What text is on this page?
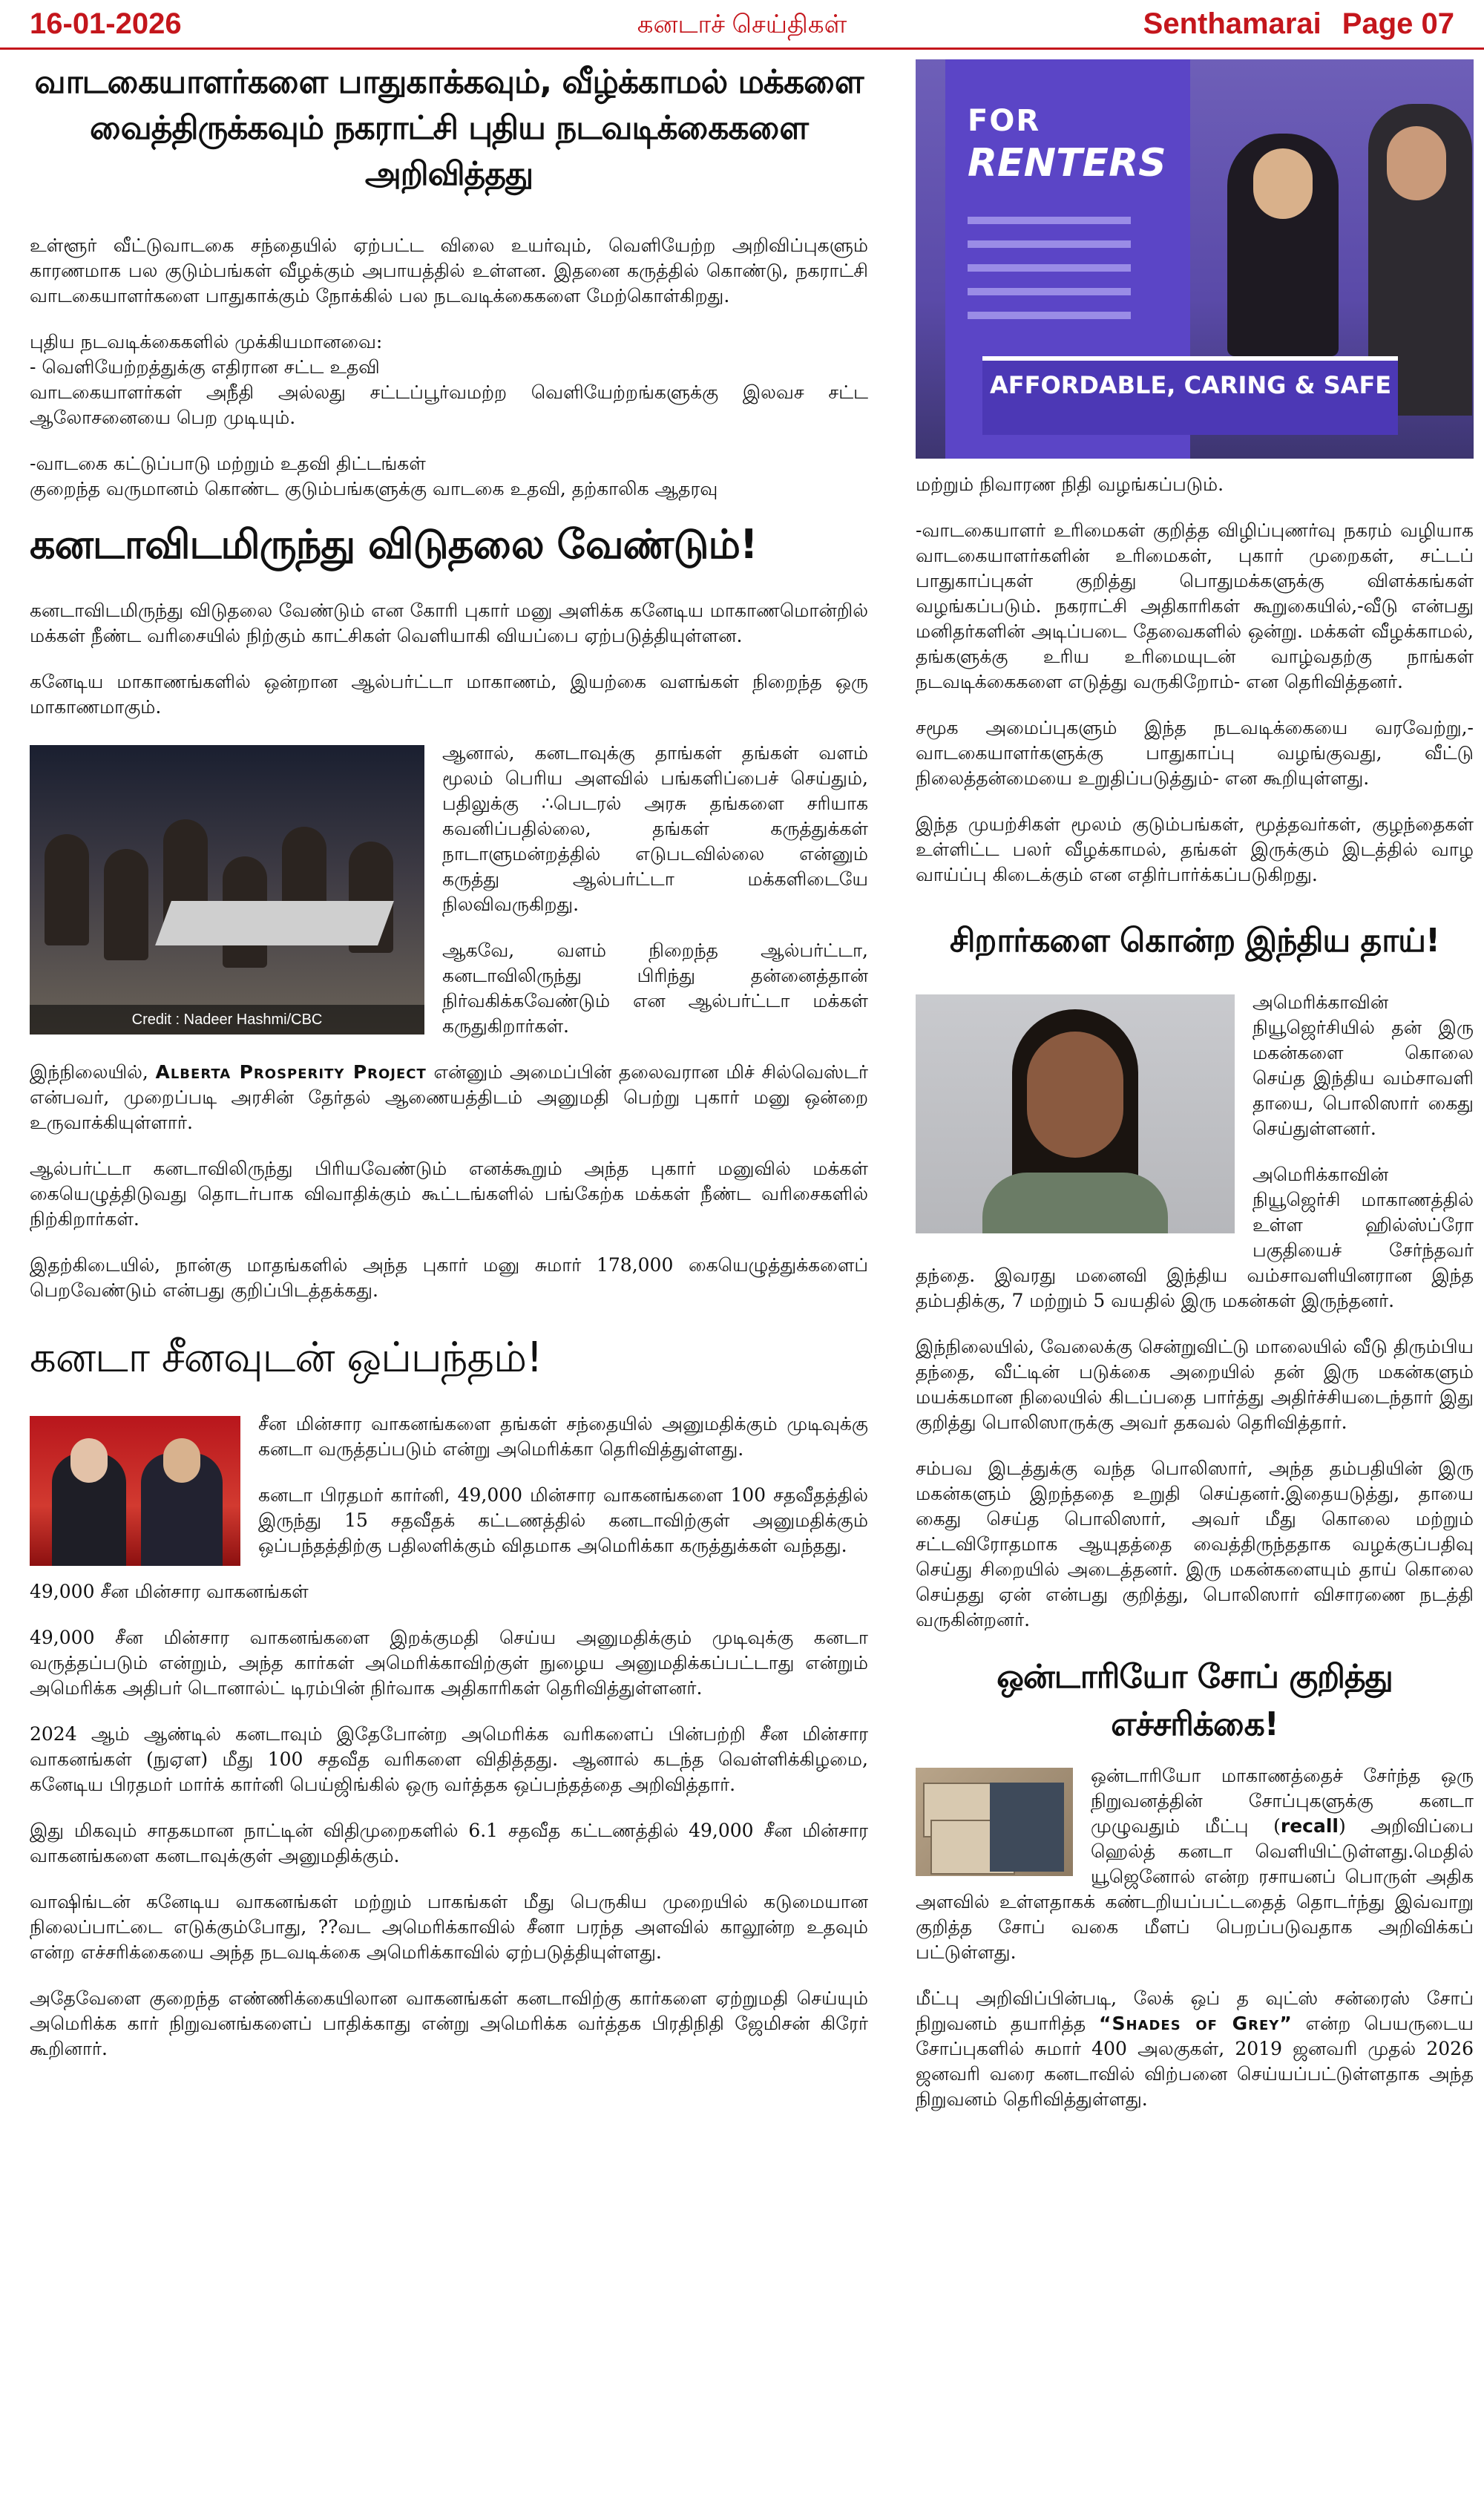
16-01-2026	கனடாச் செய்திகள்	Senthamarai Page 07
வாடகையாளர்களை பாதுகாக்கவும், வீழ்க்காமல் மக்களை வைத்திருக்கவும் நகராட்சி புதிய நடவடிக்கைகளை அறிவித்தது

உள்ளூர் வீட்டுவாடகை சந்தையில் ஏற்பட்ட விலை உயர்வும், வெளியேற்ற அறிவிப்புகளும் காரணமாக பல குடும்பங்கள் வீழக்கும் அபாயத்தில் உள்ளன. இதனை கருத்தில் கொண்டு, நகராட்சி வாடகையாளர்களை பாதுகாக்கும் நோக்கில் பல நடவடிக்கைகளை மேற்கொள்கிறது.

புதிய நடவடிக்கைகளில் முக்கியமானவை:

- வெளியேற்றத்துக்கு எதிரான சட்ட உதவி

வாடகையாளர்கள் அநீதி அல்லது சட்டப்பூர்வமற்ற வெளியேற்றங்களுக்கு இலவச சட்ட ஆலோசனையை பெற முடியும்.

-வாடகை கட்டுப்பாடு மற்றும் உதவி திட்டங்கள்

குறைந்த வருமானம் கொண்ட குடும்பங்களுக்கு வாடகை உதவி, தற்காலிக ஆதரவு

கனடாவிடமிருந்து விடுதலை வேண்டும்!

கனடாவிடமிருந்து விடுதலை வேண்டும் என கோரி புகார் மனு அளிக்க கனேடிய மாகாணமொன்றில் மக்கள் நீண்ட வரிசையில் நிற்கும் காட்சிகள் வெளியாகி வியப்பை ஏற்படுத்தியுள்ளன.

கனேடிய மாகாணங்களில் ஒன்றான ஆல்பர்ட்டா மாகாணம், இயற்கை வளங்கள் நிறைந்த ஒரு மாகாணமாகும்.

Credit : Nadeer Hashmi/CBC

ஆனால், கனடாவுக்கு தாங்கள் தங்கள் வளம் மூலம் பெரிய அளவில் பங்களிப்பைச் செய்தும், பதிலுக்கு ∴பெடரல் அரசு தங்களை சரியாக கவனிப்பதில்லை, தங்கள் கருத்துக்கள் நாடாளுமன்றத்தில் எடுபடவில்லை என்னும் கருத்து ஆல்பர்ட்டா மக்களிடையே நிலவிவருகிறது.

ஆகவே, வளம் நிறைந்த ஆல்பர்ட்டா, கனடாவிலிருந்து பிரிந்து தன்னைத்தான் நிர்வகிக்கவேண்டும் என ஆல்பர்ட்டா மக்கள் கருதுகிறார்கள்.

இந்நிலையில், Alberta Prosperity Project என்னும் அமைப்பின் தலைவரான மிச் சில்வெஸ்டர் என்பவர், முறைப்படி அரசின் தேர்தல் ஆணையத்திடம் அனுமதி பெற்று புகார் மனு ஒன்றை உருவாக்கியுள்ளார்.

ஆல்பர்ட்டா கனடாவிலிருந்து பிரியவேண்டும் எனக்கூறும் அந்த புகார் மனுவில் மக்கள் கையெழுத்திடுவது தொடர்பாக விவாதிக்கும் கூட்டங்களில் பங்கேற்க மக்கள் நீண்ட வரிசைகளில் நிற்கிறார்கள்.

இதற்கிடையில், நான்கு மாதங்களில் அந்த புகார் மனு சுமார் 178,000 கையெழுத்துக்களைப் பெறவேண்டும் என்பது குறிப்பிடத்தக்கது.

கனடா சீனவுடன் ஒப்பந்தம்!

சீன மின்சார வாகனங்களை தங்கள் சந்தையில் அனுமதிக்கும் முடிவுக்கு கனடா வருத்தப்படும் என்று அமெரிக்கா தெரிவித்துள்ளது.

கனடா பிரதமர் கார்னி, 49,000 மின்சார வாகனங்களை 100 சதவீதத்தில் இருந்து 15 சதவீதக் கட்டணத்தில் கனடாவிற்குள் அனுமதிக்கும் ஒப்பந்தத்திற்கு பதிலளிக்கும் விதமாக அமெரிக்கா கருத்துக்கள் வந்தது.

49,000 சீன மின்சார வாகனங்கள்

49,000 சீன மின்சார வாகனங்களை இறக்குமதி செய்ய அனுமதிக்கும் முடிவுக்கு கனடா வருத்தப்படும் என்றும், அந்த கார்கள் அமெரிக்காவிற்குள் நுழைய அனுமதிக்கப்பட்டாது என்றும் அமெரிக்க அதிபர் டொனால்ட் டிரம்பின் நிர்வாக அதிகாரிகள் தெரிவித்துள்ளனர்.

2024 ஆம் ஆண்டில் கனடாவும் இதேபோன்ற அமெரிக்க வரிகளைப் பின்பற்றி சீன மின்சார வாகனங்கள் (நுஏள) மீது 100 சதவீத வரிகளை விதித்தது. ஆனால் கடந்த வெள்ளிக்கிழமை, கனேடிய பிரதமர் மார்க் கார்னி பெய்ஜிங்கில் ஒரு வர்த்தக ஒப்பந்தத்தை அறிவித்தார்.

இது மிகவும் சாதகமான நாட்டின் விதிமுறைகளில் 6.1 சதவீத கட்டணத்தில் 49,000 சீன மின்சார வாகனங்களை கனடாவுக்குள் அனுமதிக்கும்.

வாஷிங்டன் கனேடிய வாகனங்கள் மற்றும் பாகங்கள் மீது பெருகிய முறையில் கடுமையான நிலைப்பாட்டை எடுக்கும்போது, ??வட அமெரிக்காவில் சீனா பரந்த அளவில் காலூன்ற உதவும் என்ற எச்சரிக்கையை அந்த நடவடிக்கை அமெரிக்காவில் ஏற்படுத்தியுள்ளது.

அதேவேளை குறைந்த எண்ணிக்கையிலான வாகனங்கள் கனடாவிற்கு கார்களை ஏற்றுமதி செய்யும் அமெரிக்க கார் நிறுவனங்களைப் பாதிக்காது என்று அமெரிக்க வர்த்தக பிரதிநிதி ஜேமிசன் கிரேர் கூறினார்.

FOR
RENTERS
AFFORDABLE, CARING & SAFE

மற்றும் நிவாரண நிதி வழங்கப்படும்.

-வாடகையாளர் உரிமைகள் குறித்த விழிப்புணர்வு நகரம் வழியாக வாடகையாளர்களின் உரிமைகள், புகார் முறைகள், சட்டப் பாதுகாப்புகள் குறித்து பொதுமக்களுக்கு விளக்கங்கள் வழங்கப்படும். நகராட்சி அதிகாரிகள் கூறுகையில்,-வீடு என்பது மனிதர்களின் அடிப்படை தேவைகளில் ஒன்று. மக்கள் வீழக்காமல், தங்களுக்கு உரிய உரிமையுடன் வாழ்வதற்கு நாங்கள் நடவடிக்கைகளை எடுத்து வருகிறோம்- என தெரிவித்தனர்.

சமூக அமைப்புகளும் இந்த நடவடிக்கையை வரவேற்று,-வாடகையாளர்களுக்கு பாதுகாப்பு வழங்குவது, வீட்டு நிலைத்தன்மையை உறுதிப்படுத்தும்- என கூறியுள்ளது.

இந்த முயற்சிகள் மூலம் குடும்பங்கள், மூத்தவர்கள், குழந்தைகள் உள்ளிட்ட பலர் வீழக்காமல், தங்கள் இருக்கும் இடத்தில் வாழ வாய்ப்பு கிடைக்கும் என எதிர்பார்க்கப்படுகிறது.

சிறார்களை கொன்ற இந்திய தாய்!

அமெரிக்காவின் நியூஜெர்சியில் தன் இரு மகன்களை கொலை செய்த இந்திய வம்சாவளி தாயை, பொலிஸார் கைது செய்துள்ளனர்.

அமெரிக்காவின் நியூஜெர்சி மாகாணத்தில் உள்ள ஹில்ஸ்ப்ரோ பகுதியைச் சேர்ந்தவர் தந்தை. இவரது மனைவி இந்திய வம்சாவளியினரான இந்த தம்பதிக்கு, 7 மற்றும் 5 வயதில் இரு மகன்கள் இருந்தனர்.

இந்நிலையில், வேலைக்கு சென்றுவிட்டு மாலையில் வீடு திரும்பிய தந்தை, வீட்டின் படுக்கை அறையில் தன் இரு மகன்களும் மயக்கமான நிலையில் கிடப்பதை பார்த்து அதிர்ச்சியடைந்தார் இது குறித்து பொலிஸாருக்கு அவர் தகவல் தெரிவித்தார்.

சம்பவ இடத்துக்கு வந்த பொலிஸார், அந்த தம்பதியின் இரு மகன்களும் இறந்ததை உறுதி செய்தனர்.இதையடுத்து, தாயை கைது செய்த பொலிஸார், அவர் மீது கொலை மற்றும் சட்டவிரோதமாக ஆயுதத்தை வைத்திருந்ததாக வழக்குப்பதிவு செய்து சிறையில் அடைத்தனர். இரு மகன்களையும் தாய் கொலை செய்தது ஏன் என்பது குறித்து, பொலிஸார் விசாரணை நடத்தி வருகின்றனர்.

ஒன்டாரியோ சோப் குறித்து எச்சரிக்கை!

ஒன்டாரியோ மாகாணத்தைச் சேர்ந்த ஒரு நிறுவனத்தின் சோப்புகளுக்கு கனடா முழுவதும் மீட்பு (recall) அறிவிப்பை ஹெல்த் கனடா வெளியிட்டுள்ளது.மெதில் யூஜெனோல் என்ற ரசாயனப் பொருள் அதிக அளவில் உள்ளதாகக் கண்டறியப்பட்டதைத் தொடர்ந்து இவ்வாறு குறித்த சோப் வகை மீளப் பெறப்படுவதாக அறிவிக்கப் பட்டுள்ளது.

மீட்பு அறிவிப்பின்படி, லேக் ஒப் த வுட்ஸ் சன்ரைஸ் சோப் நிறுவனம் தயாரித்த “Shades of Grey” என்ற பெயருடைய சோப்புகளில் சுமார் 400 அலகுகள், 2019 ஜனவரி முதல் 2026 ஜனவரி வரை கனடாவில் விற்பனை செய்யப்பட்டுள்ளதாக அந்த நிறுவனம் தெரிவித்துள்ளது.
